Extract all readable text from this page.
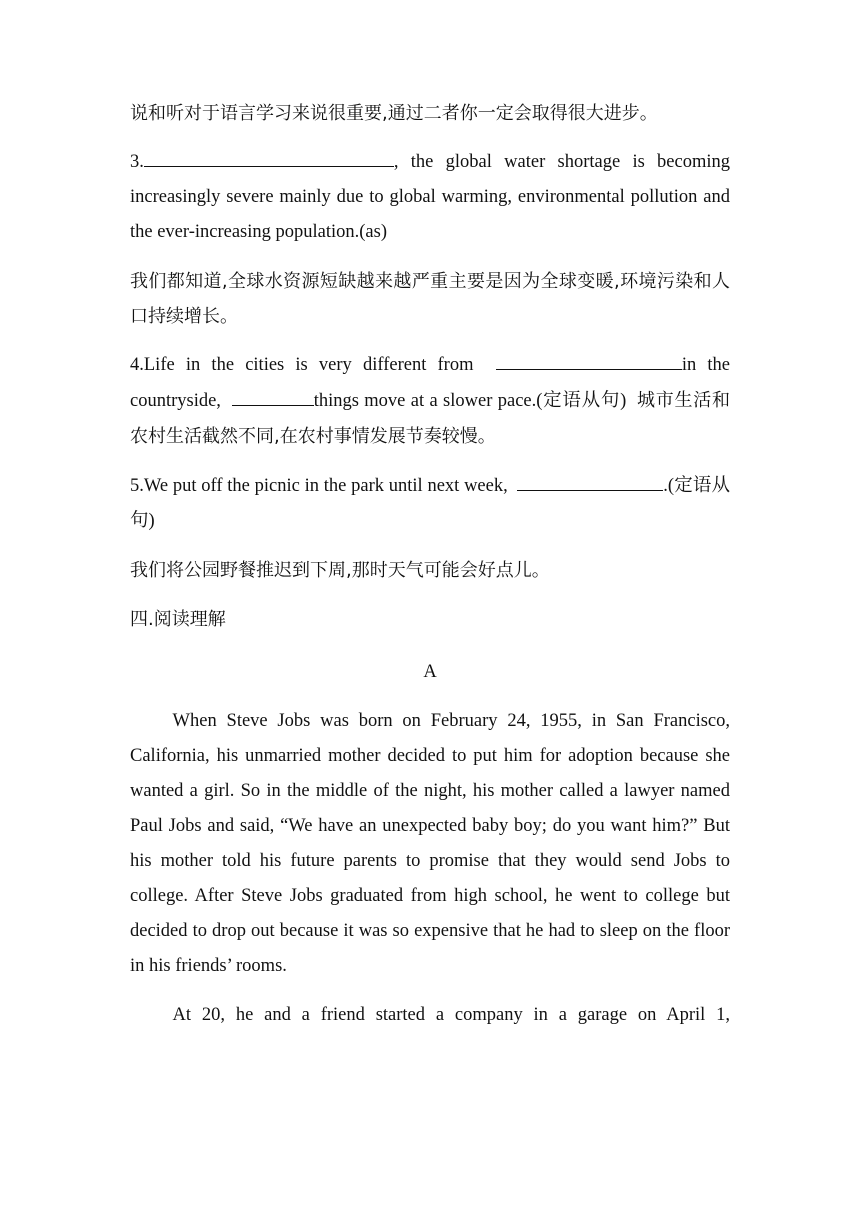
说和听对于语言学习来说很重要,通过二者你一定会取得很大进步。

3.	, the global water shortage is becoming increasingly severe mainly due to global warming, environmental pollution and the ever-increasing population.(as)

我们都知道,全球水资源短缺越来越严重主要是因为全球变暖,环境污染和人口持续增长。

4.Life in the cities is very different from	in the countryside,	things move at a slower pace.(定语从句) 城市生活和农村生活截然不同,在农村事情发展节奏较慢。

5.We put off the picnic in the park until next week,	.(定语从句)

我们将公园野餐推迟到下周,那时天气可能会好点儿。

四.阅读理解

A

When Steve Jobs was born on February 24, 1955, in San Francisco, California, his unmarried mother decided to put him for adoption because she wanted a girl. So in the middle of the night, his mother called a lawyer named Paul Jobs and said, “We have an unexpected baby boy; do you want him?” But his mother told his future parents to promise that they would send Jobs to college. After Steve Jobs graduated from high school, he went to college but decided to drop out because it was so expensive that he had to sleep on the floor in his friends’ rooms.

At 20, he and a friend started a company in a garage on April 1,
